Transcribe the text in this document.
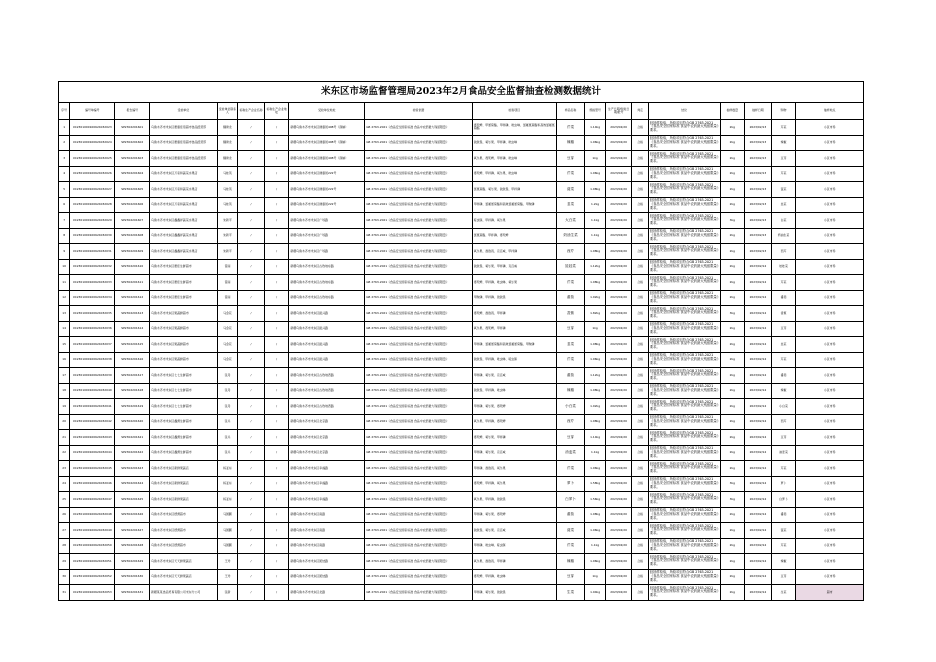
米东区市场监督管理局2023年2月食品安全监督抽查检测数据统计
序号	编号单编号	报告编号	受检单位	受检单位联系人	标称生产企业名称	标称生产企业地址	受检单位地址	检验依据	检验项目	样品名称	规格型号	生产日期/购进日期/批号	判定	结论	抽样数量	抽样日期	购物	抽样地点
1	XC2301000100624032023	SP2302201601	乌鲁木齐市米东区惠康佳佰超市食品经营部	魏建龙	/	/	新疆乌鲁木齐市米东区健康街498号（商铺）	GB 2763-2021《食品安全国家标准 食品中农药最大残留限量》	毒死蜱、甲氰菊酯、甲拌磷、吡虫啉、氯氟氰菊酯和高效氯氟氰菊酯	芹菜	1.14kg	2023/02/20	合格	经抽样检验，所检项目符合GB 2763-2021《食品安全国家标准 食品中农药最大残留限量》要求。	2kg	2023/02/13	芹菜	小区市场
2	XC2301000100624032024	SP2302201602	乌鲁木齐市米东区惠康佳佰超市食品经营部	魏建龙	/	/	新疆乌鲁木齐市米东区健康街498号（商铺）	GB 2763-2021《食品安全国家标准 食品中农药最大残留限量》	敌敌畏、氧乐果、甲拌磷、吡虫啉	辣椒	1.06kg	2023/02/20	合格	经抽样检验，所检项目符合GB 2763-2021《食品安全国家标准 食品中农药最大残留限量》要求。	2kg	2023/02/13	辣椒	小区市场
3	XC2301000100624032025	SP2302201603	乌鲁木齐市米东区惠康佳佰超市食品经营部	魏建龙	/	/	新疆乌鲁木齐市米东区健康街498号（商铺）	GB 2763-2021《食品安全国家标准 食品中农药最大残留限量》	氧乐果、毒死蜱、甲拌磷、吡虫啉	豆芽	1kg	2023/02/20	合格	经抽样检验，所检项目符合GB 2763-2021《食品安全国家标准 食品中农药最大残留限量》要求。	2kg	2023/02/13	豆芽	小区市场
4	XC2301000100624032026	SP2302201604	乌鲁木齐市米东区万家和蔬菜水果店	马桂英	/	/	新疆乌鲁木齐市米东区健康街222号	GB 2763-2021《食品安全国家标准 食品中农药最大残留限量》	毒死蜱、甲拌磷、氧乐果、吡虫啉	芹菜	1.06kg	2023/02/20	合格	经抽样检验，所检项目符合GB 2763-2021《食品安全国家标准 食品中农药最大残留限量》要求。	2kg	2023/02/13	芹菜	小区市场
5	XC2301000100624032027	SP2302201605	乌鲁木齐市米东区万家和蔬菜水果店	马桂英	/	/	新疆乌鲁木齐市米东区健康街222号	GB 2763-2021《食品安全国家标准 食品中农药最大残留限量》	氯氰菊酯、氧乐果、敌敌畏、甲拌磷	菠菜	1.08kg	2023/02/20	合格	经抽样检验，所检项目符合GB 2763-2021《食品安全国家标准 食品中农药最大残留限量》要求。	2kg	2023/02/13	菠菜	小区市场
6	XC2301000100624032028	SP2302201606	乌鲁木齐市米东区万家和蔬菜水果店	马桂英	/	/	新疆乌鲁木齐市米东区健康街222号	GB 2763-2021《食品安全国家标准 食品中农药最大残留限量》	甲拌磷、氯氟氰菊酯和高效氯氟氰菊酯、甲胺磷	韭菜	1.2kg	2023/02/20	合格	经抽样检验，所检项目符合GB 2763-2021《食品安全国家标准 食品中农药最大残留限量》要求。	2kg	2023/02/13	韭菜	小区市场
7	XC2301000100624032029	SP2302201607	乌鲁木齐市米东区鑫鑫祥蔬菜水果店	朱新平	/	/	新疆乌鲁木齐市米东区广场路	GB 2763-2021《食品安全国家标准 食品中农药最大残留限量》	啶虫脒、甲拌磷、氧乐果	大白菜	1.1kg	2023/02/20	合格	经抽样检验，所检项目符合GB 2763-2021《食品安全国家标准 食品中农药最大残留限量》要求。	3kg	2023/02/13	白菜	小区市场
8	XC2301000100624032030	SP2302201608	乌鲁木齐市米东区鑫鑫祥蔬菜水果店	朱新平	/	/	新疆乌鲁木齐市米东区广场路	GB 2763-2021《食品安全国家标准 食品中农药最大残留限量》	氯氰菊酯、甲拌磷、毒死蜱	奶油生菜	1.1kg	2023/02/20	合格	经抽样检验，所检项目符合GB 2763-2021《食品安全国家标准 食品中农药最大残留限量》要求。	2kg	2023/02/13	奶油生菜	小区市场
9	XC2301000100624032031	SP2302201609	乌鲁木齐市米东区鑫鑫祥蔬菜水果店	朱新平	/	/	新疆乌鲁木齐市米东区广场路	GB 2763-2021《食品安全国家标准 食品中农药最大残留限量》	氧乐果、敌敌畏、克百威、甲拌磷	西芹	1.08kg	2023/02/20	合格	经抽样检验，所检项目符合GB 2763-2021《食品安全国家标准 食品中农药最大残留限量》要求。	2kg	2023/02/13	西芹	小区市场
10	XC2301000100624032032	SP2302201610	乌鲁木齐市米东区惠佳生鲜超市	晋丽	/	/	新疆乌鲁木齐市米东区古牧地东路	GB 2763-2021《食品安全国家标准 食品中农药最大残留限量》	敌敌畏、氧乐果、甲拌磷、克百威	娃娃菜	1.12kg	2023/02/20	合格	经抽样检验，所检项目符合GB 2763-2021《食品安全国家标准 食品中农药最大残留限量》要求。	2kg	2023/02/14	娃娃菜	小区市场
11	XC2301000100624032033	SP2302201611	乌鲁木齐市米东区惠佳生鲜超市	晋丽	/	/	新疆乌鲁木齐市米东区古牧地东路	GB 2763-2021《食品安全国家标准 食品中农药最大残留限量》	毒死蜱、甲拌磷、吡虫啉、氧乐果	芹菜	1.08kg	2023/02/20	合格	经抽样检验，所检项目符合GB 2763-2021《食品安全国家标准 食品中农药最大残留限量》要求。	2kg	2023/02/14	芹菜	小区市场
12	XC2301000100624032034	SP2302201612	乌鲁木齐市米东区惠佳生鲜超市	晋丽	/	/	新疆乌鲁木齐市米东区古牧地东路	GB 2763-2021《食品安全国家标准 食品中农药最大残留限量》	甲胺磷、甲拌磷、敌敌畏	番茄	1.02kg	2023/02/20	合格	经抽样检验，所检项目符合GB 2763-2021《食品安全国家标准 食品中农药最大残留限量》要求。	2kg	2023/02/14	番茄	小区市场
13	XC2301000100624032035	SP2302201613	乌鲁木齐市米东区果蔬鲜超市	马金花	/	/	新疆乌鲁木齐市米东区振兴路	GB 2763-2021《食品安全国家标准 食品中农药最大残留限量》	毒死蜱、敌敌畏、甲拌磷	香蕉	1.82kg	2023/02/20	合格	经抽样检验，所检项目符合GB 2763-2021《食品安全国家标准 食品中农药最大残留限量》要求。	3kg	2023/02/14	香蕉	小区市场
14	XC2301000100624032036	SP2302201614	乌鲁木齐市米东区果蔬鲜超市	马金花	/	/	新疆乌鲁木齐市米东区振兴路	GB 2763-2021《食品安全国家标准 食品中农药最大残留限量》	氧乐果、毒死蜱、甲拌磷	豆芽	1kg	2023/02/20	合格	经抽样检验，所检项目符合GB 2763-2021《食品安全国家标准 食品中农药最大残留限量》要求。	2kg	2023/02/14	豆芽	小区市场
15	XC2301000100624032037	SP2302201615	乌鲁木齐市米东区果蔬鲜超市	马金花	/	/	新疆乌鲁木齐市米东区振兴路	GB 2763-2021《食品安全国家标准 食品中农药最大残留限量》	甲拌磷、氯氟氰菊酯和高效氯氟氰菊酯、甲胺磷	韭菜	1.08kg	2023/02/20	合格	经抽样检验，所检项目符合GB 2763-2021《食品安全国家标准 食品中农药最大残留限量》要求。	2kg	2023/02/14	韭菜	小区市场
16	XC2301000100624032038	SP2302201616	乌鲁木齐市米东区果蔬鲜超市	马金花	/	/	新疆乌鲁木齐市米东区振兴路	GB 2763-2021《食品安全国家标准 食品中农药最大残留限量》	敌敌畏、甲拌磷、吡虫啉、啶虫脒	芹菜	1.06kg	2023/02/20	合格	经抽样检验，所检项目符合GB 2763-2021《食品安全国家标准 食品中农药最大残留限量》要求。	2kg	2023/02/14	芹菜	小区市场
17	XC2301000100624032039	SP2302201617	乌鲁木齐市米东区七七生鲜超市	张丹	/	/	新疆乌鲁木齐市米东区古牧地西路	GB 2763-2021《食品安全国家标准 食品中农药最大残留限量》	甲拌磷、氧乐果、克百威	番茄	1.12kg	2023/02/20	合格	经抽样检验，所检项目符合GB 2763-2021《食品安全国家标准 食品中农药最大残留限量》要求。	2kg	2023/02/14	番茄	小区市场
18	XC2301000100624032040	SP2302201618	乌鲁木齐市米东区七七生鲜超市	张丹	/	/	新疆乌鲁木齐市米东区古牧地西路	GB 2763-2021《食品安全国家标准 食品中农药最大残留限量》	敌敌畏、甲拌磷、吡虫啉	辣椒	1.08kg	2023/02/20	合格	经抽样检验，所检项目符合GB 2763-2021《食品安全国家标准 食品中农药最大残留限量》要求。	2kg	2023/02/14	辣椒	小区市场
19	XC2301000100624032041	SP2302201619	乌鲁木齐市米东区七七生鲜超市	张丹	/	/	新疆乌鲁木齐市米东区古牧地西路	GB 2763-2021《食品安全国家标准 食品中农药最大残留限量》	甲拌磷、氧乐果、毒死蜱	小白菜	1.02kg	2023/02/20	合格	经抽样检验，所检项目符合GB 2763-2021《食品安全国家标准 食品中农药最大残留限量》要求。	2kg	2023/02/14	小白菜	小区市场
20	XC2301000100624032042	SP2302201620	乌鲁木齐市米东区鑫源生鲜超市	张兵	/	/	新疆乌鲁木齐市米东区北京路	GB 2763-2021《食品安全国家标准 食品中农药最大残留限量》	氧乐果、甲拌磷、毒死蜱	西芹	1.08kg	2023/02/20	合格	经抽样检验，所检项目符合GB 2763-2021《食品安全国家标准 食品中农药最大残留限量》要求。	2kg	2023/02/14	西芹	小区市场
21	XC2301000100624032043	SP2302201621	乌鲁木齐市米东区鑫源生鲜超市	张兵	/	/	新疆乌鲁木齐市米东区北京路	GB 2763-2021《食品安全国家标准 食品中农药最大残留限量》	毒死蜱、氧乐果、甲拌磷	豆芽	1.14kg	2023/02/20	合格	经抽样检验，所检项目符合GB 2763-2021《食品安全国家标准 食品中农药最大残留限量》要求。	2kg	2023/02/14	豆芽	小区市场
22	XC2301000100624032044	SP2302201622	乌鲁木齐市米东区鑫源生鲜超市	张兵	/	/	新疆乌鲁木齐市米东区北京路	GB 2763-2021《食品安全国家标准 食品中农药最大残留限量》	甲拌磷、氧乐果、克百威	油麦菜	1.1kg	2023/02/20	合格	经抽样检验，所检项目符合GB 2763-2021《食品安全国家标准 食品中农药最大残留限量》要求。	2kg	2023/02/14	油麦菜	小区市场
23	XC2301000100624032045	SP2302201623	乌鲁木齐市米东区新鲜果蔬店	杨亚东	/	/	新疆乌鲁木齐市米东区幸福路	GB 2763-2021《食品安全国家标准 食品中农药最大残留限量》	甲拌磷、敌敌畏、氧乐果	芹菜	1.06kg	2023/02/20	合格	经抽样检验，所检项目符合GB 2763-2021《食品安全国家标准 食品中农药最大残留限量》要求。	2kg	2023/02/14	芹菜	小区市场
24	XC2301000100624032046	SP2302201624	乌鲁木齐市米东区新鲜果蔬店	杨亚东	/	/	新疆乌鲁木齐市米东区幸福路	GB 2763-2021《食品安全国家标准 食品中农药最大残留限量》	毒死蜱、甲拌磷、氧乐果	萝卜	1.58kg	2023/02/20	合格	经抽样检验，所检项目符合GB 2763-2021《食品安全国家标准 食品中农药最大残留限量》要求。	3kg	2023/02/14	萝卜	小区市场
25	XC2301000100624032047	SP2302201625	乌鲁木齐市米东区新鲜果蔬店	杨亚东	/	/	新疆乌鲁木齐市米东区幸福路	GB 2763-2021《食品安全国家标准 食品中农药最大残留限量》	氧乐果、甲拌磷、敌敌畏	白萝卜	1.56kg	2023/02/20	合格	经抽样检验，所检项目符合GB 2763-2021《食品安全国家标准 食品中农药最大残留限量》要求。	3kg	2023/02/14	白萝卜	小区市场
26	XC2301000100624032048	SP2302201626	乌鲁木齐市米东区德源超市	马国鹏	/	/	新疆乌鲁木齐市米东区南路	GB 2763-2021《食品安全国家标准 食品中农药最大残留限量》	甲拌磷、氧乐果、毒死蜱	番茄	1.08kg	2023/02/20	合格	经抽样检验，所检项目符合GB 2763-2021《食品安全国家标准 食品中农药最大残留限量》要求。	2kg	2023/02/14	番茄	小区市场
27	XC2301000100624032049	SP2302201627	乌鲁木齐市米东区德源超市	马国鹏	/	/	新疆乌鲁木齐市米东区南路	GB 2763-2021《食品安全国家标准 食品中农药最大残留限量》	敌敌畏、氧乐果、克百威	菠菜	1.06kg	2023/02/20	合格	经抽样检验，所检项目符合GB 2763-2021《食品安全国家标准 食品中农药最大残留限量》要求。	2kg	2023/02/14	菠菜	小区市场
28	XC2301000100624032050	SP2302201628	乌鲁木齐市米东区德源超市	马国鹏	/	/	新疆乌鲁木齐市米东区南路	GB 2763-2021《食品安全国家标准 食品中农药最大残留限量》	甲拌磷、吡虫啉、啶虫脒	芹菜	1.1kg	2023/02/20	合格	经抽样检验，所检项目符合GB 2763-2021《食品安全国家标准 食品中农药最大残留限量》要求。	2kg	2023/02/14	芹菜	小区市场
29	XC2301000100624032051	SP2302201629	乌鲁木齐市米东区天天鲜果蔬店	王玲	/	/	新疆乌鲁木齐市米东区团结路	GB 2763-2021《食品安全国家标准 食品中农药最大残留限量》	氧乐果、敌敌畏、甲拌磷	辣椒	1.06kg	2023/02/20	合格	经抽样检验，所检项目符合GB 2763-2021《食品安全国家标准 食品中农药最大残留限量》要求。	2kg	2023/02/14	辣椒	小区市场
30	XC2301000100624032052	SP2302201630	乌鲁木齐市米东区天天鲜果蔬店	王玲	/	/	新疆乌鲁木齐市米东区团结路	GB 2763-2021《食品安全国家标准 食品中农药最大残留限量》	毒死蜱、甲拌磷、吡虫啉	豆芽	1kg	2023/02/20	合格	经抽样检验，所检项目符合GB 2763-2021《食品安全国家标准 食品中农药最大残留限量》要求。	2kg	2023/02/14	豆芽	小区市场
31	XC2301000100624032053	SP2302201631	新疆某某食品贸易有限公司米东分公司	张新	/	/	新疆乌鲁木齐市米东区北路	GB 2763-2021《食品安全国家标准 食品中农药最大残留限量》	甲拌磷、氧乐果、敌敌畏	生菜	1.04kg	2023/02/20	合格	经抽样检验，所检项目符合GB 2763-2021《食品安全国家标准 食品中农药最大残留限量》要求。	2kg	2023/02/14	生菜	超市
